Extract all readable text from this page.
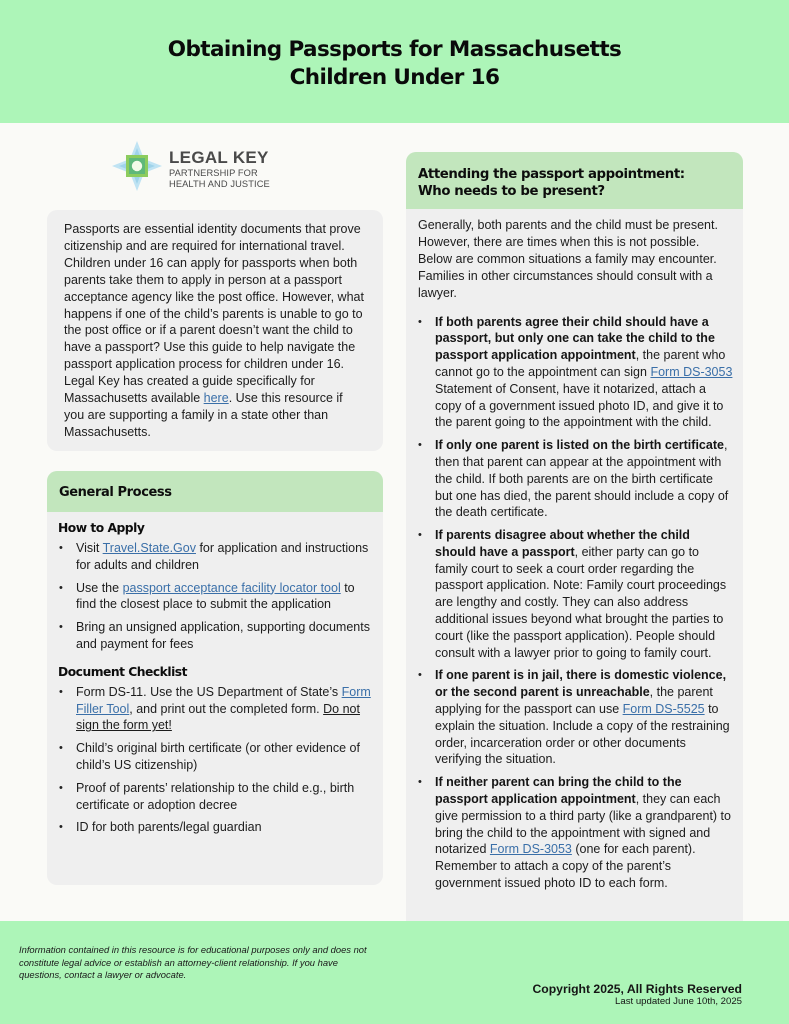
Obtaining Passports for Massachusetts
Children Under 16
LEGAL KEY
PARTNERSHIP FOR
HEALTH AND JUSTICE

Passports are essential identity documents that prove citizenship and are required for international travel. Children under 16 can apply for passports when both parents take them to apply in person at a passport acceptance agency like the post office. However, what happens if one of the child’s parents is unable to go to the post office or if a parent doesn’t want the child to have a passport? Use this guide to help navigate the passport application process for children under 16. Legal Key has created a guide specifically for Massachusetts available here. Use this resource if you are supporting a family in a state other than Massachusetts.

General Process
How to Apply
• Visit Travel.State.Gov for application and instructions for adults and children
• Use the passport acceptance facility locator tool to find the closest place to submit the application
• Bring an unsigned application, supporting documents and payment for fees
Document Checklist
• Form DS-11. Use the US Department of State’s Form Filler Tool, and print out the completed form. Do not sign the form yet!
• Child’s original birth certificate (or other evidence of child’s US citizenship)
• Proof of parents’ relationship to the child e.g., birth certificate or adoption decree
• ID for both parents/legal guardian
Attending the passport appointment:
Who needs to be present?

Generally, both parents and the child must be present. However, there are times when this is not possible. Below are common situations a family may encounter. Families in other circumstances should consult with a lawyer.

• If both parents agree their child should have a passport, but only one can take the child to the passport application appointment, the parent who cannot go to the appointment can sign Form DS-3053 Statement of Consent, have it notarized, attach a copy of a government issued photo ID, and give it to the parent going to the appointment with the child.
• If only one parent is listed on the birth certificate, then that parent can appear at the appointment with the child. If both parents are on the birth certificate but one has died, the parent should include a copy of the death certificate.
• If parents disagree about whether the child should have a passport, either party can go to family court to seek a court order regarding the passport application. Note: Family court proceedings are lengthy and costly. They can also address additional issues beyond what brought the parties to court (like the passport application). People should consult with a lawyer prior to going to family court.
• If one parent is in jail, there is domestic violence, or the second parent is unreachable, the parent applying for the passport can use Form DS-5525 to explain the situation. Include a copy of the restraining order, incarceration order or other documents verifying the situation.
• If neither parent can bring the child to the passport application appointment, they can each give permission to a third party (like a grandparent) to bring the child to the appointment with signed and notarized Form DS-3053 (one for each parent). Remember to attach a copy of the parent’s government issued photo ID to each form.

Information contained in this resource is for educational purposes only and does not constitute legal advice or establish an attorney-client relationship. If you have questions, contact a lawyer or advocate.

Copyright 2025, All Rights Reserved
Last updated June 10th, 2025
